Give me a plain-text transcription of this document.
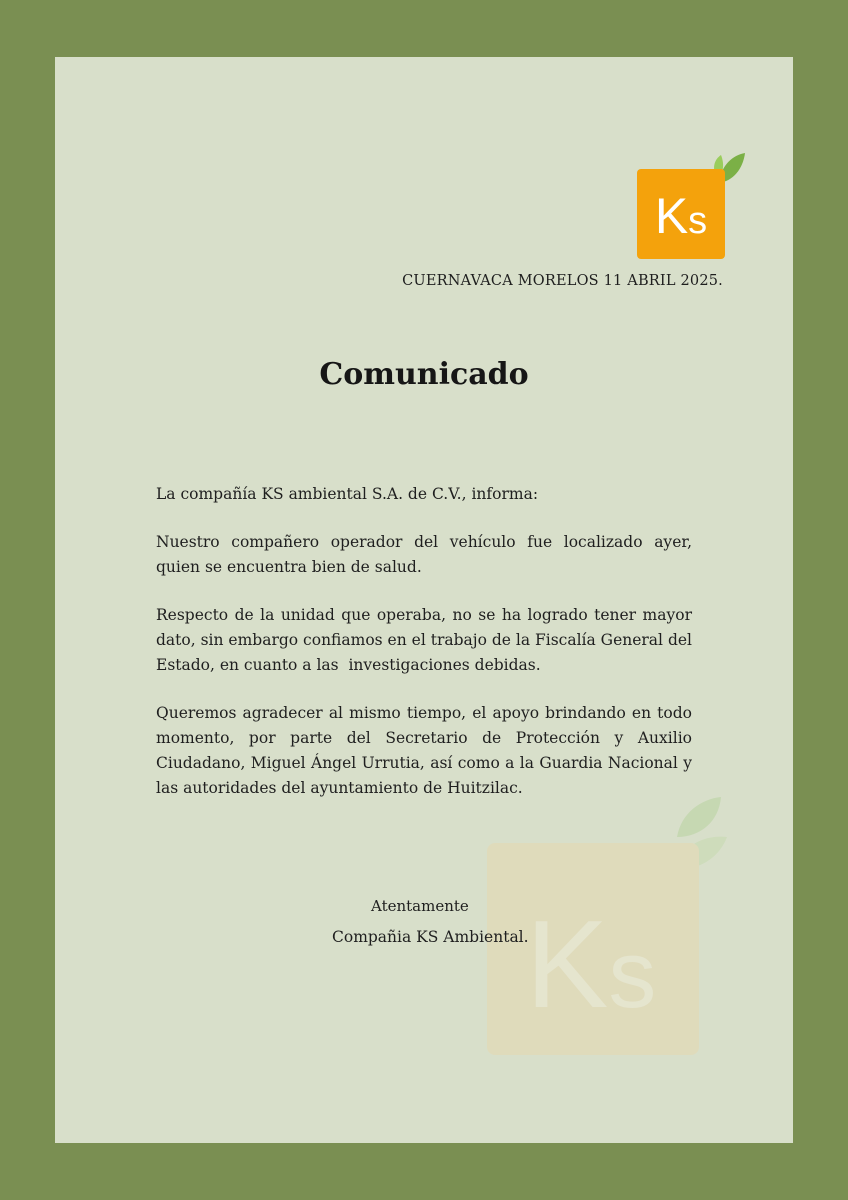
Ks
Ks
CUERNAVACA MORELOS 11 ABRIL 2025.
Comunicado

La compañía KS ambiental S.A. de C.V., informa:

Nuestro compañero operador del vehículo fue localizado ayer, quien se encuentra bien de salud.

Respecto de la unidad que operaba, no se ha logrado tener mayor dato, sin embargo confiamos en el trabajo de la Fiscalía General del Estado, en cuanto a las  investigaciones debidas.

Queremos agradecer al mismo tiempo, el apoyo brindando en todo momento, por parte del Secretario de Protección y Auxilio Ciudadano, Miguel Ángel Urrutia, así como a la Guardia Nacional y las autoridades del ayuntamiento de Huitzilac.

Atentamente
Compañia KS Ambiental.
